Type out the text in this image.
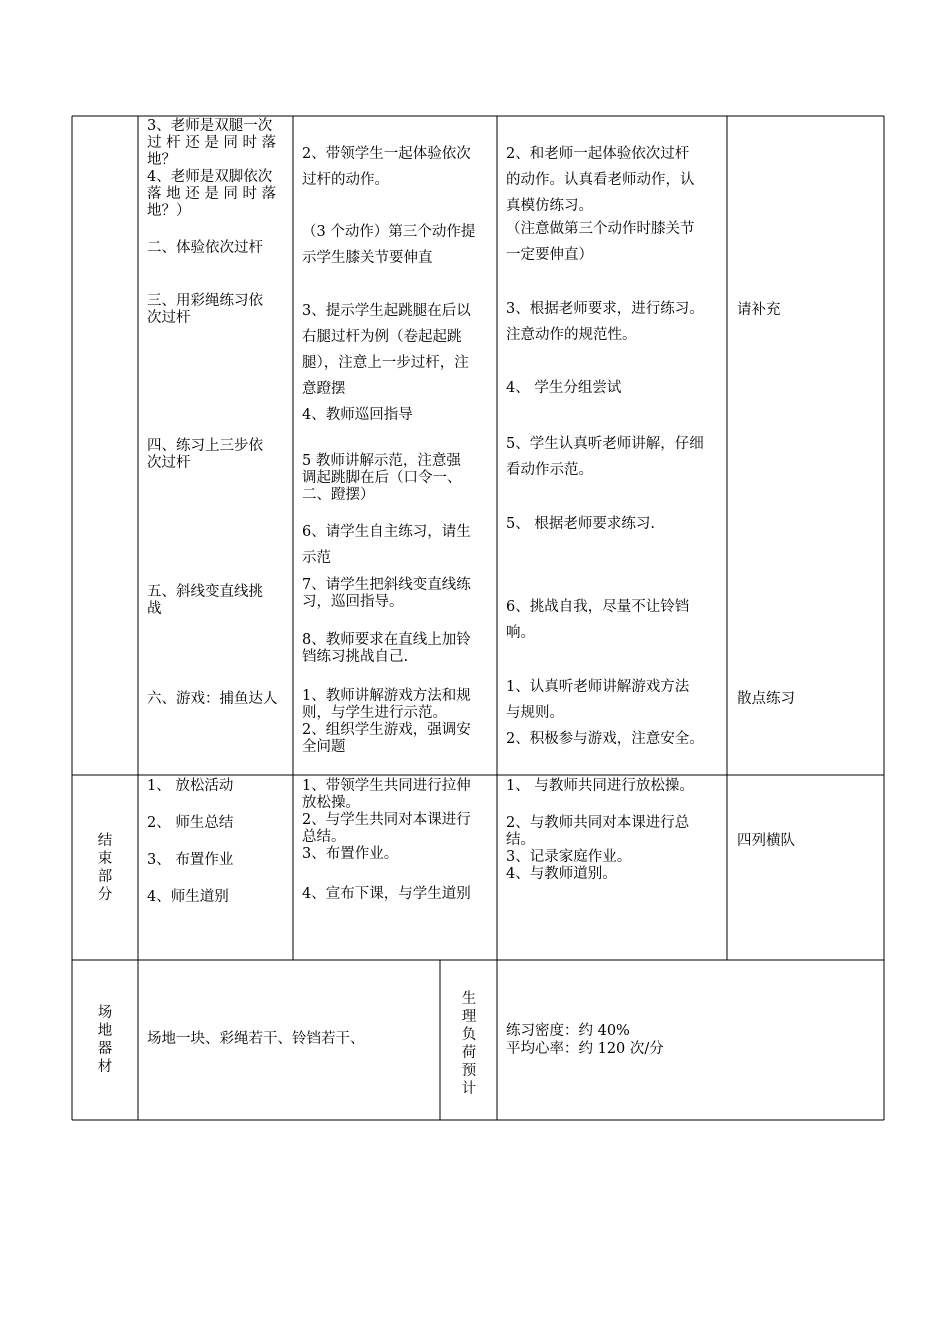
3、老师是双腿一次
过 杆 还 是 同 时 落
地？

4、老师是双脚依次
落 地 还 是 同 时 落
地？）

二、体验依次过杆

三、用彩绳练习依
次过杆

四、练习上三步依
次过杆

五、斜线变直线挑
战

六、游戏：捕鱼达人

2、带领学生一起体验依次
过杆的动作。

（3 个动作）第三个动作提
示学生膝关节要伸直

3、提示学生起跳腿在后以
右腿过杆为例（卷起起跳
腿），注意上一步过杆，注
意蹬摆

4、教师巡回指导

5 教师讲解示范，注意强
调起跳脚在后（口令一、
二、蹬摆）

6、请学生自主练习，请生
示范

7、请学生把斜线变直线练
习，巡回指导。

8、教师要求在直线上加铃
铛练习挑战自己.

1、教师讲解游戏方法和规
则，与学生进行示范。
2、组织学生游戏，强调安
全问题

2、和老师一起体验依次过杆
的动作。认真看老师动作，认
真模仿练习。

（注意做第三个动作时膝关节
一定要伸直）

3、根据老师要求，进行练习。
注意动作的规范性。

4、 学生分组尝试

5、学生认真听老师讲解，仔细
看动作示范。

5、 根据老师要求练习.

6、挑战自我，尽量不让铃铛
响。

1、认真听老师讲解游戏方法
与规则。
2、积极参与游戏，注意安全。

请补充

散点练习

结
束
部
分

1、 放松活动

2、 师生总结

3、 布置作业

4、师生道别

1、带领学生共同进行拉伸
放松操。
2、与学生共同对本课进行
总结。
3、布置作业。

4、宣布下课，与学生道别

1、 与教师共同进行放松操。

2、与教师共同对本课进行总
结。
3、记录家庭作业。
4、与教师道别。

四列横队

场
地
器
材

场地一块、彩绳若干、铃铛若干、

生
理
负
荷
预
计

练习密度：约 40%

平均心率：约 120 次/分
